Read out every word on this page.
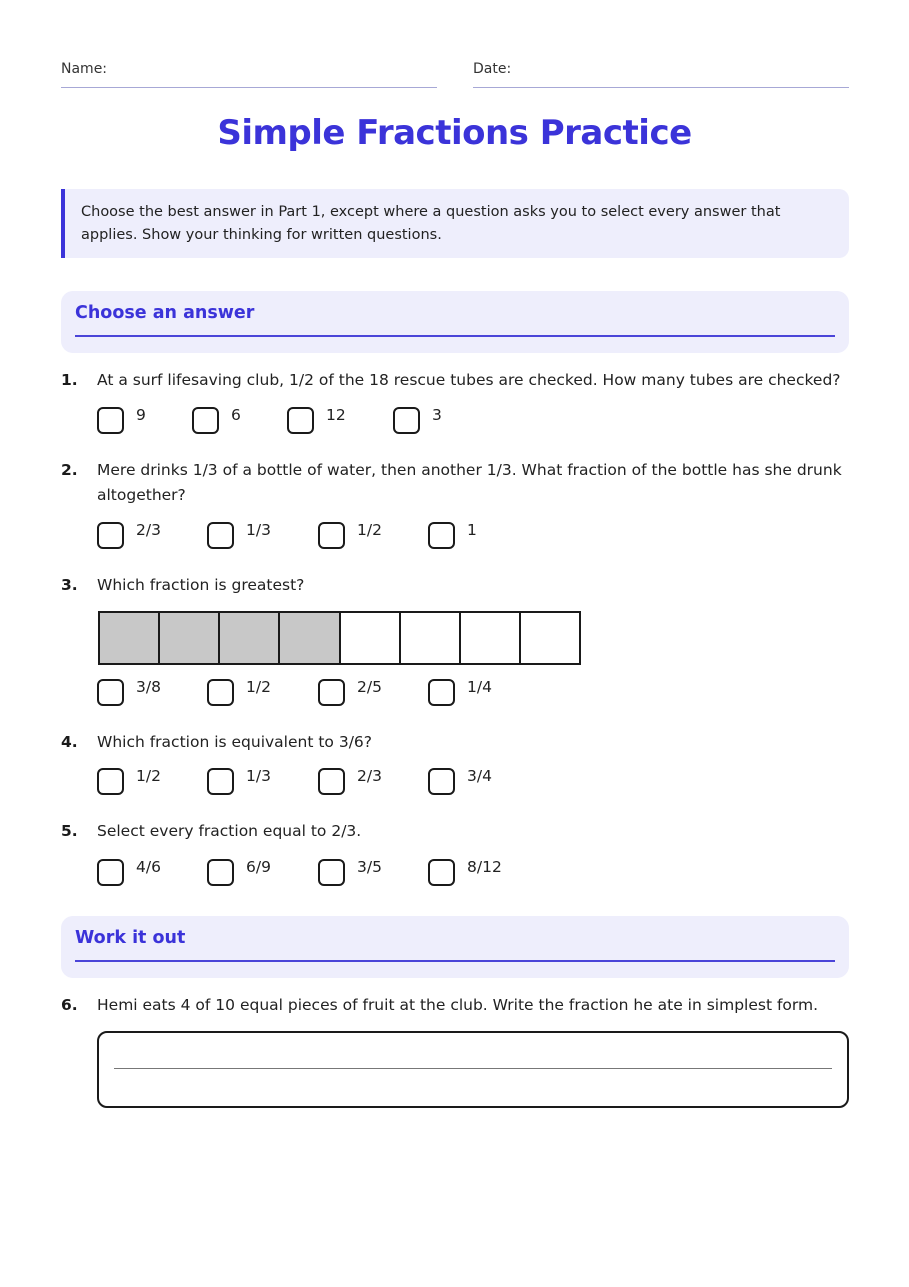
Name:	Date:
Simple Fractions Practice
Choose the best answer in Part 1, except where a question asks you to select every answer that applies. Show your thinking for written questions.
Choose an answer
1. At a surf lifesaving club, 1/2 of the 18 rescue tubes are checked. How many tubes are checked?
9	6	12	3
2. Mere drinks 1/3 of a bottle of water, then another 1/3. What fraction of the bottle has she drunk altogether?
2/3	1/3	1/2	1
3. Which fraction is greatest?
3/8	1/2	2/5	1/4
4. Which fraction is equivalent to 3/6?
1/2	1/3	2/3	3/4
5. Select every fraction equal to 2/3.
4/6	6/9	3/5	8/12
Work it out
6. Hemi eats 4 of 10 equal pieces of fruit at the club. Write the fraction he ate in simplest form.
